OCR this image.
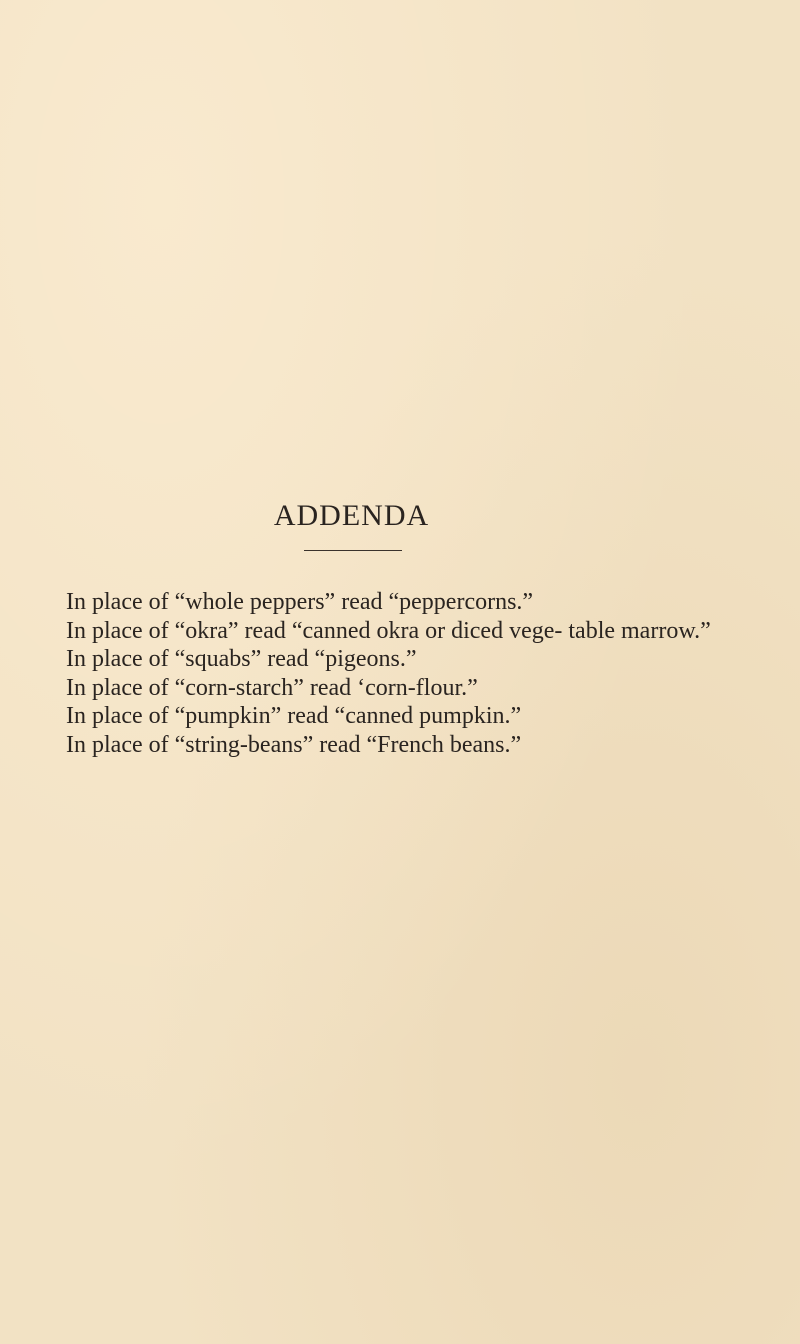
ADDENDA
In place of “whole peppers” read “peppercorns.”
In place of “okra” read “canned okra or diced vege- table marrow.”
In place of “squabs” read “pigeons.”
In place of “corn-starch” read ‘corn-flour.”
In place of “pumpkin” read “canned pumpkin.”
In place of “string-beans” read “French beans.”
